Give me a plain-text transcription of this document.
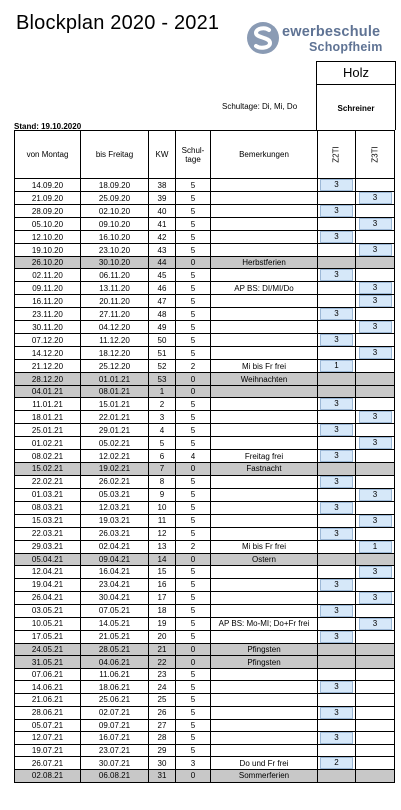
Blockplan 2020 - 2021	ewerbeschule
Schopfheim
Holz
Schreiner
Schultage: Di, Mi, Do
Stand: 19.10.2020
von Montag	bis Freitag	KW	Schul-tage	Bemerkungen	Z2TI	Z3TI
14.09.20	18.09.20	38	5		3	
21.09.20	25.09.20	39	5			3
28.09.20	02.10.20	40	5		3	
05.10.20	09.10.20	41	5			3
12.10.20	16.10.20	42	5		3	
19.10.20	23.10.20	43	5			3
26.10.20	30.10.20	44	0	Herbstferien		
02.11.20	06.11.20	45	5		3	
09.11.20	13.11.20	46	5	AP BS: DI/MI/Do		3
16.11.20	20.11.20	47	5			3
23.11.20	27.11.20	48	5		3	
30.11.20	04.12.20	49	5			3
07.12.20	11.12.20	50	5		3	
14.12.20	18.12.20	51	5			3
21.12.20	25.12.20	52	2	Mi bis Fr frei	1	
28.12.20	01.01.21	53	0	Weihnachten		
04.01.21	08.01.21	1	0			
11.01.21	15.01.21	2	5		3	
18.01.21	22.01.21	3	5			3
25.01.21	29.01.21	4	5		3	
01.02.21	05.02.21	5	5			3
08.02.21	12.02.21	6	4	Freitag frei	3	
15.02.21	19.02.21	7	0	Fastnacht		
22.02.21	26.02.21	8	5		3	
01.03.21	05.03.21	9	5			3
08.03.21	12.03.21	10	5		3	
15.03.21	19.03.21	11	5			3
22.03.21	26.03.21	12	5		3	
29.03.21	02.04.21	13	2	Mi bis Fr frei		1
05.04.21	09.04.21	14	0	Ostern		
12.04.21	16.04.21	15	5			3
19.04.21	23.04.21	16	5		3	
26.04.21	30.04.21	17	5			3
03.05.21	07.05.21	18	5		3	
10.05.21	14.05.21	19	5	AP BS: Mo-MI; Do+Fr frei		3
17.05.21	21.05.21	20	5		3	
24.05.21	28.05.21	21	0	Pfingsten		
31.05.21	04.06.21	22	0	Pfingsten		
07.06.21	11.06.21	23	5			
14.06.21	18.06.21	24	5		3	
21.06.21	25.06.21	25	5			
28.06.21	02.07.21	26	5		3	
05.07.21	09.07.21	27	5			
12.07.21	16.07.21	28	5		3	
19.07.21	23.07.21	29	5			
26.07.21	30.07.21	30	3	Do und Fr frei	2	
02.08.21	06.08.21	31	0	Sommerferien		
